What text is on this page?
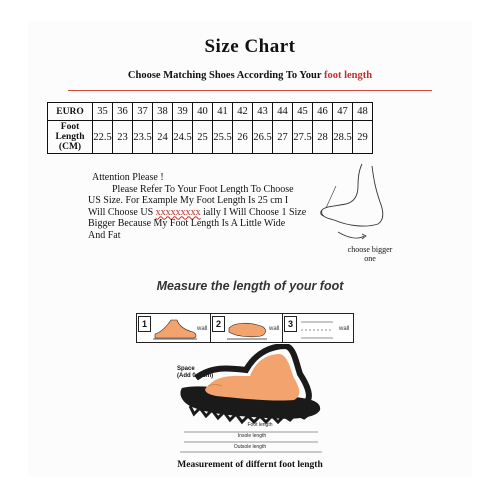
Size Chart
Choose Matching Shoes According To Your foot length
EURO	35	36	37	38	39	40	41	42	43	44	45	46	47	48
Foot Length (CM)	22.5	23	23.5	24	24.5	25	25.5	26	26.5	27	27.5	28	28.5	29
Attention Please !
Please Refer To Your Foot Length To Choose
US Size. For Example My Foot Length Is 25 cm I
Will Choose US xxxxxxxxx ially I Will Choose 1 Size
Bigger Because My Foot Length Is A Little Wide
And Fat
choose bigger one
Measure the length of your foot
1	wall 2	wall 3	wall
Space
(Add 0~1cm)
Foot length
Insole length
Outsole length
Measurement of differnt foot length
